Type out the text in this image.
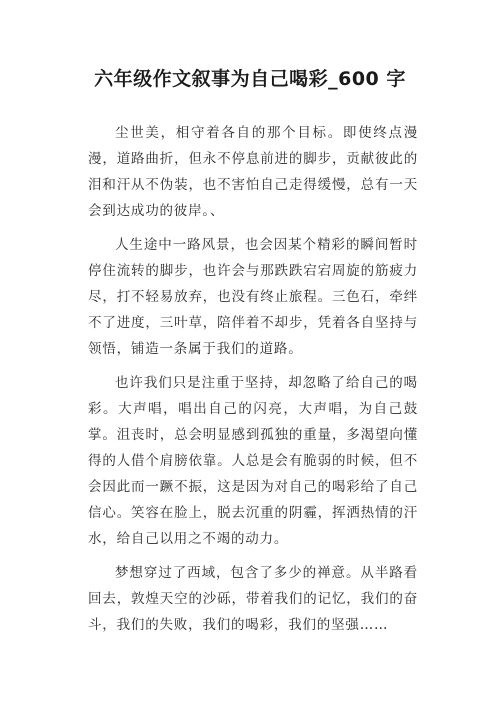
六年级作文叙事为自己喝彩_600 字

尘世美，相守着各自的那个目标。即使终点漫漫，道路曲折，但永不停息前进的脚步，贡献彼此的泪和汗从不伪装，也不害怕自己走得缓慢，总有一天会到达成功的彼岸。、

人生途中一路风景，也会因某个精彩的瞬间暂时停住流转的脚步，也许会与那跌跌宕宕周旋的筋疲力尽，打不轻易放弃，也没有终止旅程。三色石，牵绊不了进度，三叶草，陪伴着不却步，凭着各自坚持与领悟，铺造一条属于我们的道路。

也许我们只是注重于坚持，却忽略了给自己的喝彩。大声唱，唱出自己的闪亮，大声唱，为自己鼓掌。沮丧时，总会明显感到孤独的重量，多渴望向懂得的人借个肩膀依靠。人总是会有脆弱的时候，但不会因此而一蹶不振，这是因为对自己的喝彩给了自己信心。笑容在脸上，脱去沉重的阴霾，挥洒热情的汗水，给自己以用之不竭的动力。

梦想穿过了西域，包含了多少的禅意。从半路看回去，敦煌天空的沙砾，带着我们的记忆，我们的奋斗，我们的失败，我们的喝彩，我们的坚强……
